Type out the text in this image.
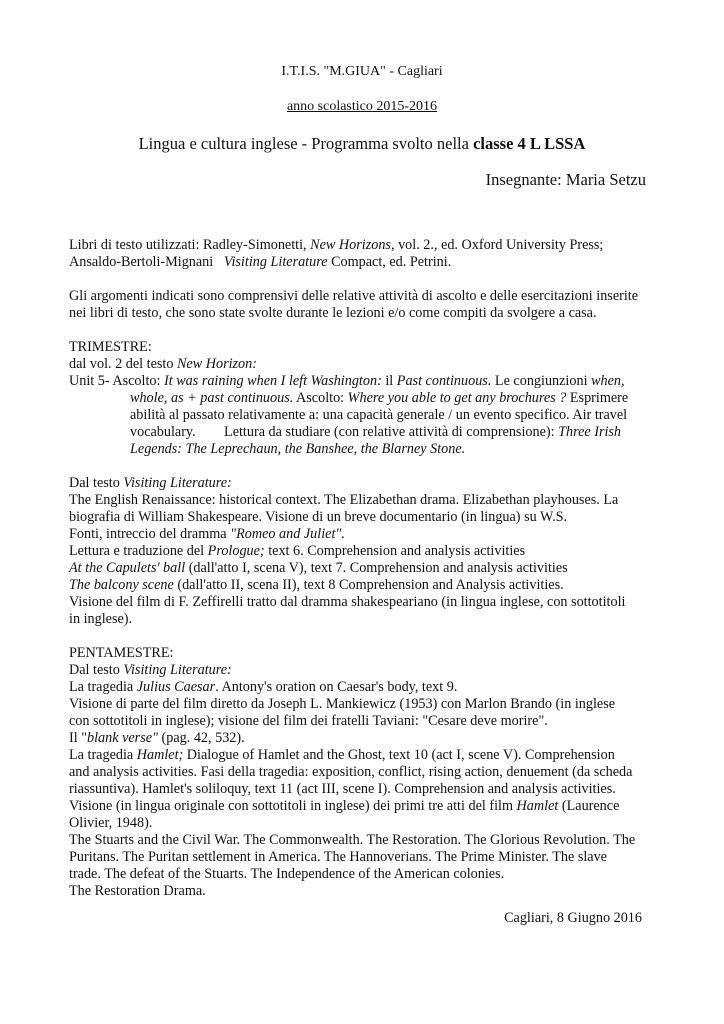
I.T.I.S. "M.GIUA" - Cagliari
anno scolastico 2015-2016
Lingua e cultura inglese - Programma svolto nella classe 4 L LSSA
Insegnante: Maria Setzu
Libri di testo utilizzati: Radley-Simonetti, New Horizons, vol. 2., ed. Oxford University Press;
Ansaldo-Bertoli-Mignani   Visiting Literature Compact, ed. Petrini.
Gli argomenti indicati sono comprensivi delle relative attività di ascolto e delle esercitazioni inserite
nei libri di testo, che sono state svolte durante le lezioni e/o come compiti da svolgere a casa.
TRIMESTRE:
dal vol. 2 del testo New Horizon:
Unit 5- Ascolto: It was raining when I left Washington: il Past continuous. Le congiunzioni when,
whole, as + past continuous. Ascolto: Where you able to get any brochures ? Esprimere
abilità al passato relativamente a: una capacità generale / un evento specifico. Air travel
vocabulary.        Lettura da studiare (con relative attività di comprensione): Three Irish
Legends: The Leprechaun, the Banshee, the Blarney Stone.
Dal testo Visiting Literature:
The English Renaissance: historical context. The Elizabethan drama. Elizabethan playhouses. La
biografia di William Shakespeare. Visione di un breve documentario (in lingua) su W.S.
Fonti, intreccio del dramma "Romeo and Juliet".
Lettura e traduzione del Prologue; text 6. Comprehension and analysis activities
At the Capulets' ball (dall'atto I, scena V), text 7. Comprehension and analysis activities
The balcony scene (dall'atto II, scena II), text 8 Comprehension and Analysis activities.
Visione del film di F. Zeffirelli tratto dal dramma shakespeariano (in lingua inglese, con sottotitoli
in inglese).
PENTAMESTRE:
Dal testo Visiting Literature:
La tragedia Julius Caesar. Antony's oration on Caesar's body, text 9.
Visione di parte del film diretto da Joseph L. Mankiewicz (1953) con Marlon Brando (in inglese
con sottotitoli in inglese); visione del film dei fratelli Taviani: "Cesare deve morire".
Il "blank verse" (pag. 42, 532).
La tragedia Hamlet; Dialogue of Hamlet and the Ghost, text 10 (act I, scene V). Comprehension
and analysis activities. Fasi della tragedia: exposition, conflict, rising action, denuement (da scheda
riassuntiva). Hamlet's soliloquy, text 11 (act III, scene I). Comprehension and analysis activities.
Visione (in lingua originale con sottotitoli in inglese) dei primi tre atti del film Hamlet (Laurence
Olivier, 1948).
The Stuarts and the Civil War. The Commonwealth. The Restoration. The Glorious Revolution. The
Puritans. The Puritan settlement in America. The Hannoverians. The Prime Minister. The slave
trade. The defeat of the Stuarts. The Independence of the American colonies.
The Restoration Drama.
Cagliari, 8 Giugno 2016
